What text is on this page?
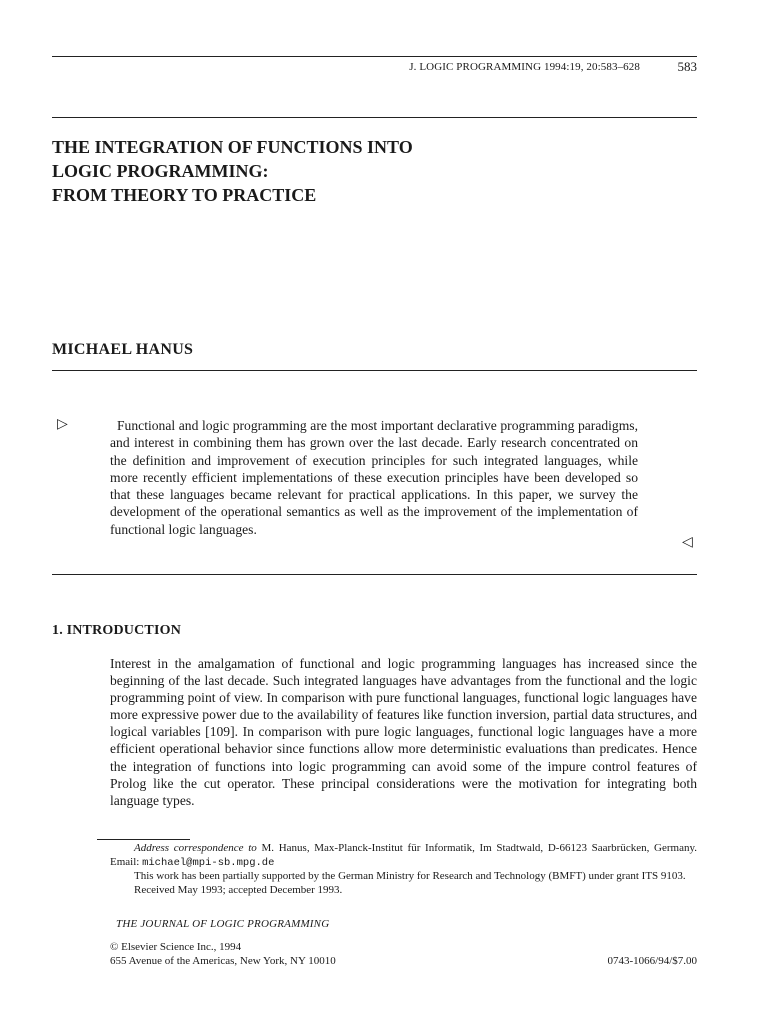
J. LOGIC PROGRAMMING 1994:19, 20:583–628	583
THE INTEGRATION OF FUNCTIONS INTO
LOGIC PROGRAMMING:
FROM THEORY TO PRACTICE
MICHAEL HANUS
▷	Functional and logic programming are the most important declarative programming paradigms, and interest in combining them has grown over the last decade. Early research concentrated on the definition and improvement of execution principles for such integrated languages, while more recently efficient implementations of these execution principles have been developed so that these languages became relevant for practical applications. In this paper, we survey the development of the operational semantics as well as the improvement of the implementation of functional logic languages.

◁
1. INTRODUCTION

Interest in the amalgamation of functional and logic programming languages has increased since the beginning of the last decade. Such integrated languages have advantages from the functional and the logic programming point of view. In comparison with pure functional languages, functional logic languages have more expressive power due to the availability of features like function inversion, partial data structures, and logical variables [109]. In comparison with pure logic languages, functional logic languages have a more efficient operational behavior since functions allow more deterministic evaluations than predicates. Hence the integration of functions into logic programming can avoid some of the impure control features of Prolog like the cut operator. These principal considerations were the motivation for integrating both language types.

Address correspondence to M. Hanus, Max-Planck-Institut für Informatik, Im Stadtwald, D-66123 Saarbrücken, Germany. Email: michael@mpi-sb.mpg.de

This work has been partially supported by the German Ministry for Research and Technology (BMFT) under grant ITS 9103.

Received May 1993; accepted December 1993.

THE JOURNAL OF LOGIC PROGRAMMING

© Elsevier Science Inc., 1994
655 Avenue of the Americas, New York, NY 10010	0743-1066/94/$7.00
